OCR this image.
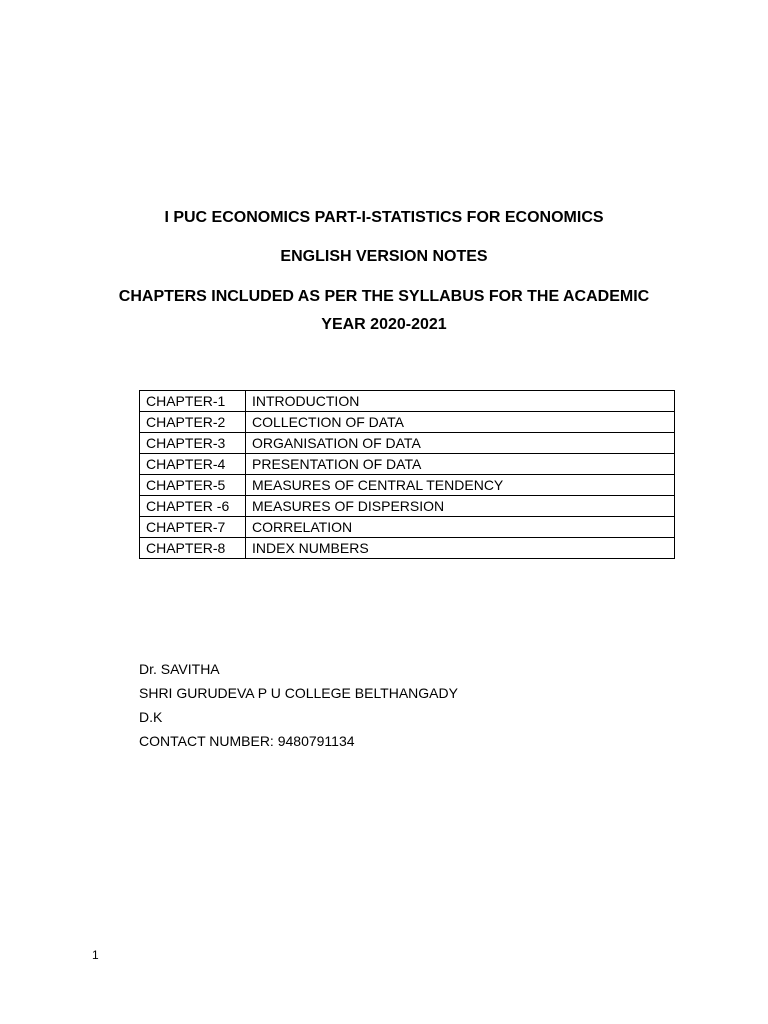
I PUC ECONOMICS PART-I-STATISTICS FOR ECONOMICS
ENGLISH VERSION NOTES
CHAPTERS INCLUDED AS PER THE SYLLABUS FOR THE ACADEMIC
YEAR 2020-2021
CHAPTER-1	INTRODUCTION
CHAPTER-2	COLLECTION OF DATA
CHAPTER-3	ORGANISATION OF DATA
CHAPTER-4	PRESENTATION OF DATA
CHAPTER-5	MEASURES OF CENTRAL TENDENCY
CHAPTER -6	MEASURES OF DISPERSION
CHAPTER-7	CORRELATION
CHAPTER-8	INDEX NUMBERS
Dr. SAVITHA
SHRI GURUDEVA P U COLLEGE BELTHANGADY
D.K
CONTACT NUMBER: 9480791134
1
